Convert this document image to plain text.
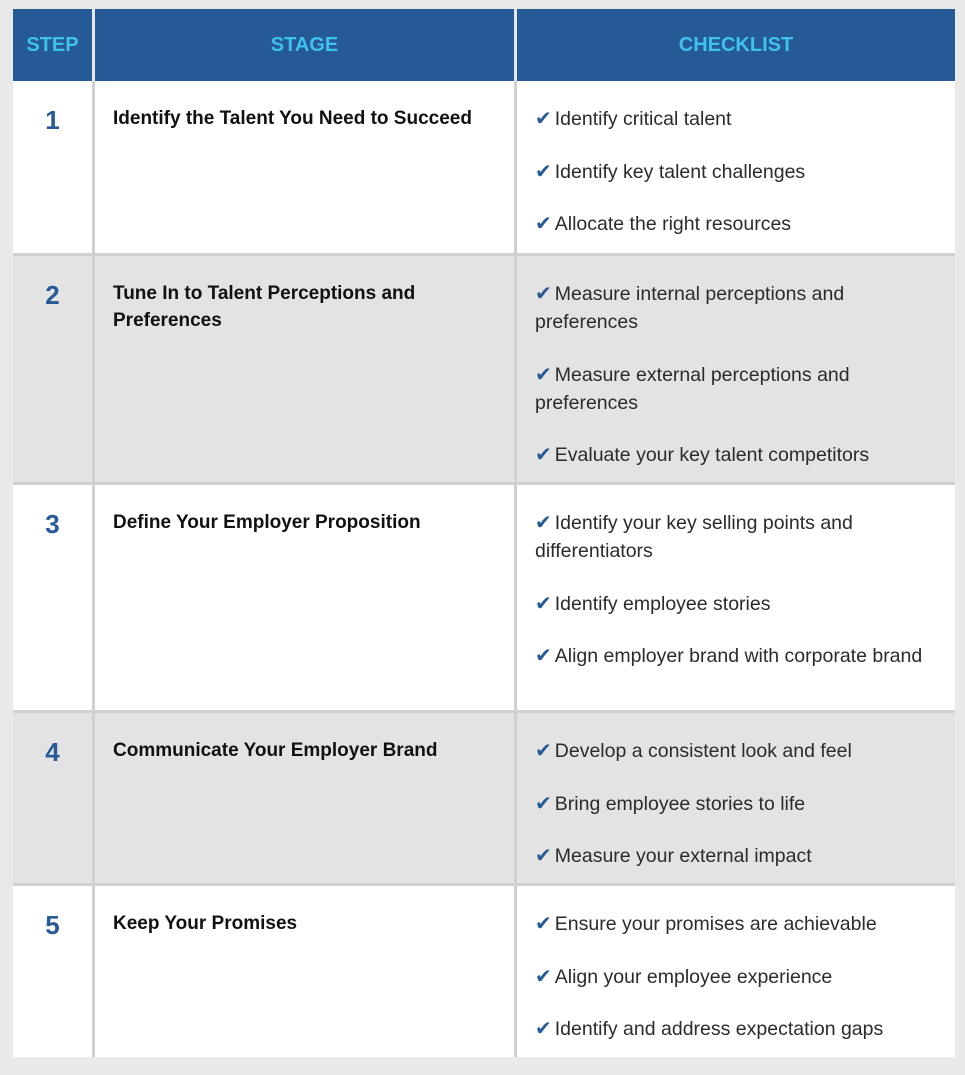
STEP	STAGE	CHECKLIST
1	Identify the Talent You Need to Succeed	✔ Identify critical talent
✔ Identify key talent challenges
✔ Allocate the right resources
2	Tune In to Talent Perceptions and Preferences
✔ Measure internal perceptions and preferences
✔ Measure external perceptions and preferences
✔ Evaluate your key talent competitors
3	Define Your Employer Proposition	✔ Identify your key selling points and differentiators
✔ Identify employee stories
✔ Align employer brand with corporate brand
4	Communicate Your Employer Brand	✔ Develop a consistent look and feel
✔ Bring employee stories to life
✔ Measure your external impact
5	Keep Your Promises	✔ Ensure your promises are achievable
✔ Align your employee experience
✔ Identify and address expectation gaps
